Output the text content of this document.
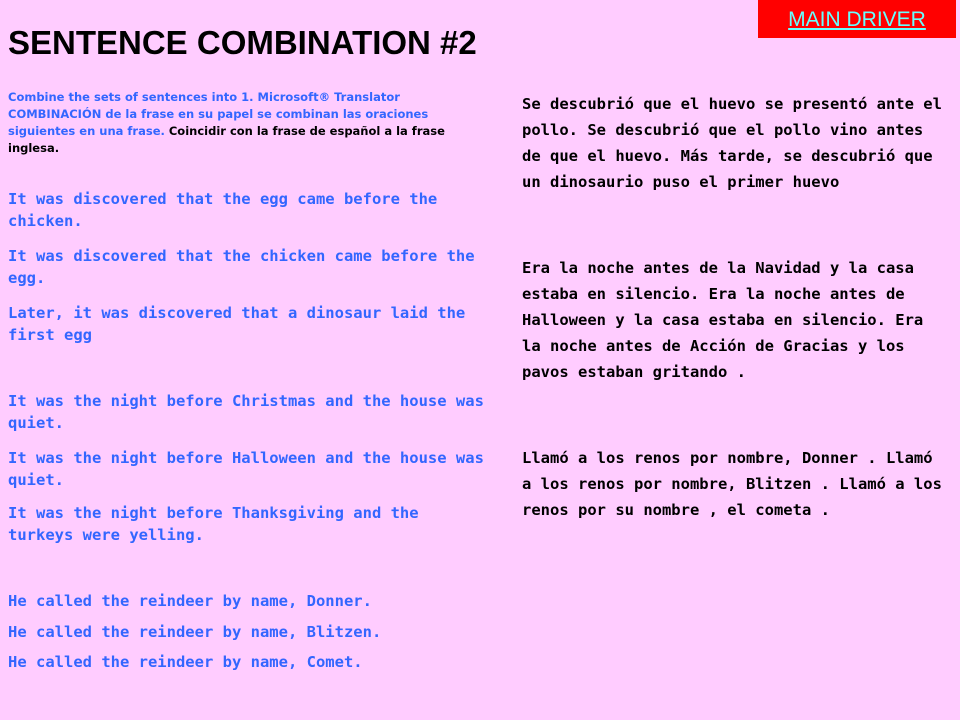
MAIN DRIVER
SENTENCE COMBINATION #2

Combine the sets of sentences into 1. Microsoft® Translator COMBINACIÓN de la frase en su papel se combinan las oraciones siguientes en una frase. Coincidir con la frase de español a la frase inglesa.

It was discovered that the egg came before the chicken.

It was discovered that the chicken came before the egg.

Later, it was discovered that a dinosaur laid the first egg

It was the night before Christmas and the house was quiet.

It was the night before Halloween and the house was quiet.

It was the night before Thanksgiving and the turkeys were yelling.

He called the reindeer by name, Donner.

He called the reindeer by name, Blitzen.

He called the reindeer by name, Comet.

Se descubrió que el huevo se presentó ante el pollo. Se descubrió que el pollo vino antes de que el huevo. Más tarde, se descubrió que un dinosaurio puso el primer huevo

Era la noche antes de la Navidad y la casa estaba en silencio. Era la noche antes de Halloween y la casa estaba en silencio. Era la noche antes de Acción de Gracias y los pavos estaban gritando .

Llamó a los renos por nombre, Donner . Llamó a los renos por nombre, Blitzen . Llamó a los renos por su nombre , el cometa .
